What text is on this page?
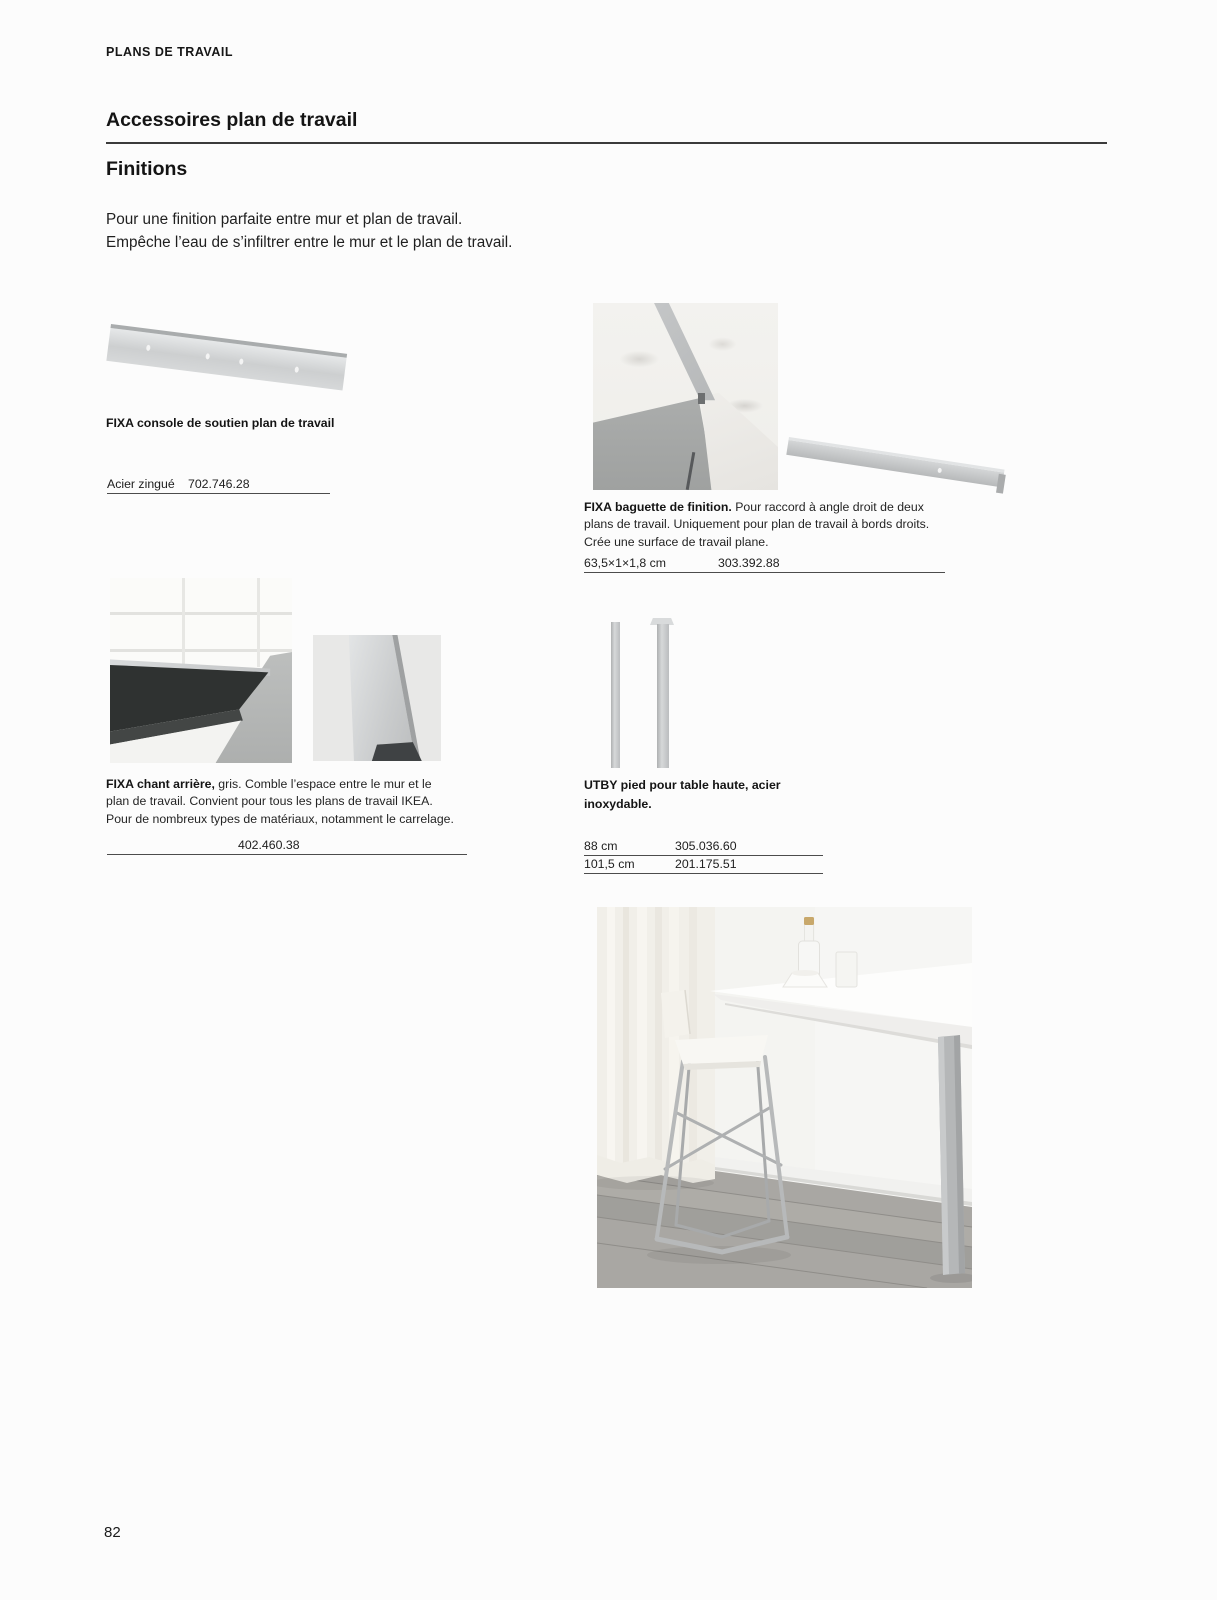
PLANS DE TRAVAIL
Accessoires plan de travail
Finitions
Pour une finition parfaite entre mur et plan de travail.
Empêche l’eau de s’infiltrer entre le mur et le plan de travail.
FIXA console de soutien plan de travail
Acier zingué	702.746.28

FIXA baguette de finition. Pour raccord à angle droit de deux plans de travail. Uniquement pour plan de travail à bords droits. Crée une surface de travail plane.

63,5×1×1,8 cm	303.392.88

FIXA chant arrière, gris. Comble l’espace entre le mur et le plan de travail. Convient pour tous les plans de travail IKEA. Pour de nombreux types de matériaux, notamment le carrelage.

402.460.38
UTBY pied pour table haute, acier inoxydable.
88 cm	305.036.60
101,5 cm	201.175.51
82
